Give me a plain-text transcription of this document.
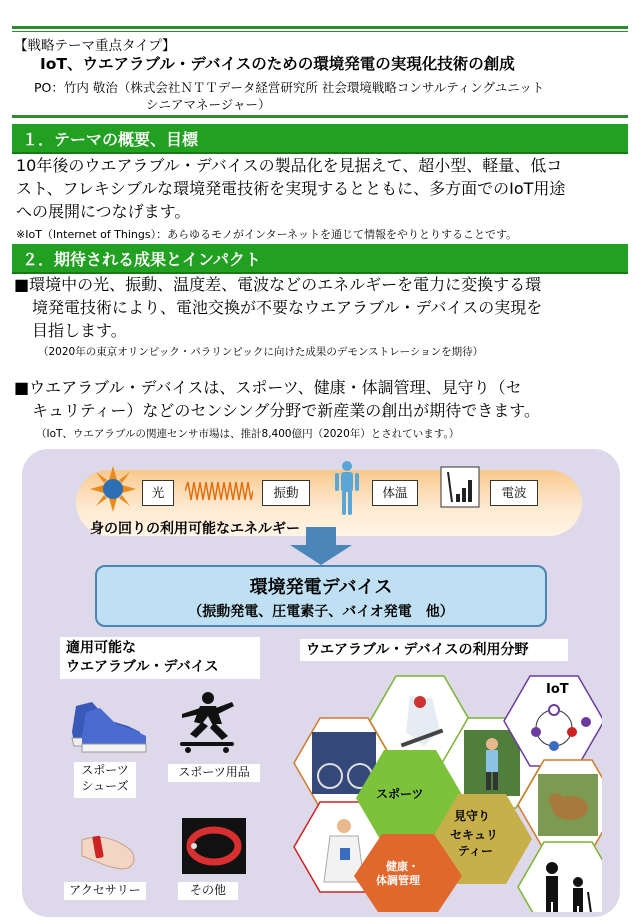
【戦略テーマ重点タイプ】
IoT、ウエアラブル・デバイスのための環境発電の実現化技術の創成
PO：竹内 敬治（株式会社ＮＴＴデータ経営研究所 社会環境戦略コンサルティングユニット
シニアマネージャー）
１．テーマの概要、目標
10年後のウエアラブル・デバイスの製品化を見据えて、超小型、軽量、低コ
スト、フレキシブルな環境発電技術を実現するとともに、多方面でのIoT用途
への展開につなげます。
※IoT（Internet of Things）：あらゆるモノがインターネットを通じて情報をやりとりすることです。
２．期待される成果とインパクト
■環境中の光、振動、温度差、電波などのエネルギーを電力に変換する環
境発電技術により、電池交換が不要なウエアラブル・デバイスの実現を
目指します。
（2020年の東京オリンピック・パラリンピックに向けた成果のデモンストレーションを期待）
■ウエアラブル・デバイスは、スポーツ、健康・体調管理、見守り（セ
キュリティー）などのセンシング分野で新産業の創出が期待できます。
（IoT、ウエアラブルの関連センサ市場は、推計8,400億円（2020年）とされています。）
光	振動	体温	電波
身の回りの利用可能なエネルギー
環境発電デバイス
（振動発電、圧電素子、バイオ発電　他）
適用可能な
ウエアラブル・デバイス
スポーツ
シューズ
スポーツ用品
アクセサリー	その他
ウエアラブル・デバイスの利用分野
スポーツ
見守り
セキュリ
ティー
健康・
体調管理
IoT
